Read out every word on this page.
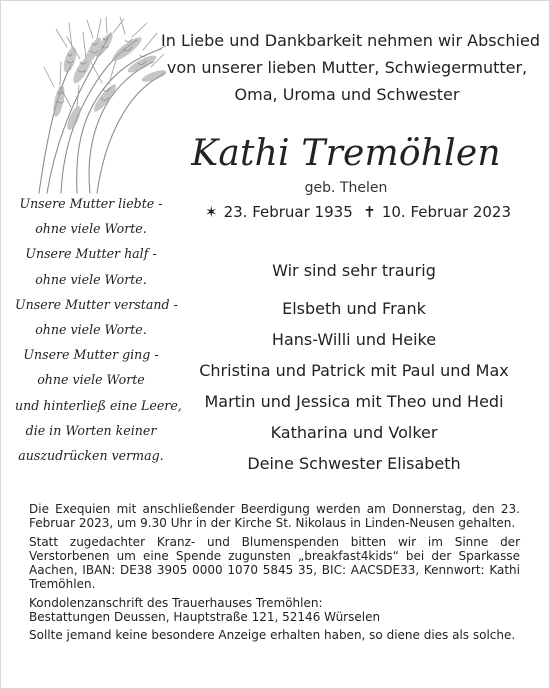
In Liebe und Dankbarkeit nehmen wir Abschied
von unserer lieben Mutter, Schwiegermutter,
Oma, Uroma und Schwester
Kathi Tremöhlen
geb. Thelen
✶ 23. Februar 1935 ✝ 10. Februar 2023
Unsere Mutter liebte -
ohne viele Worte.
Unsere Mutter half -
ohne viele Worte.
Unsere Mutter verstand -
ohne viele Worte.
Unsere Mutter ging -
ohne viele Worte
und hinterließ eine Leere,
die in Worten keiner
auszudrücken vermag.
Wir sind sehr traurig
Elsbeth und Frank
Hans-Willi und Heike
Christina und Patrick mit Paul und Max
Martin und Jessica mit Theo und Hedi
Katharina und Volker
Deine Schwester Elisabeth
Die Exequien mit anschließender Beerdigung werden am Donnerstag, den 23. Februar 2023, um 9.30 Uhr in der Kirche St. Nikolaus in Linden-Neusen gehalten.
Statt zugedachter Kranz- und Blumenspenden bitten wir im Sinne der Verstorbenen um eine Spende zugunsten „breakfast4kids“ bei der Sparkasse Aachen, IBAN: DE38 3905 0000 1070 5845 35, BIC: AACSDE33, Kennwort: Kathi Tremöhlen.
Kondolenzanschrift des Trauerhauses Tremöhlen:
Bestattungen Deussen, Hauptstraße 121, 52146 Würselen
Sollte jemand keine besondere Anzeige erhalten haben, so diene dies als solche.
